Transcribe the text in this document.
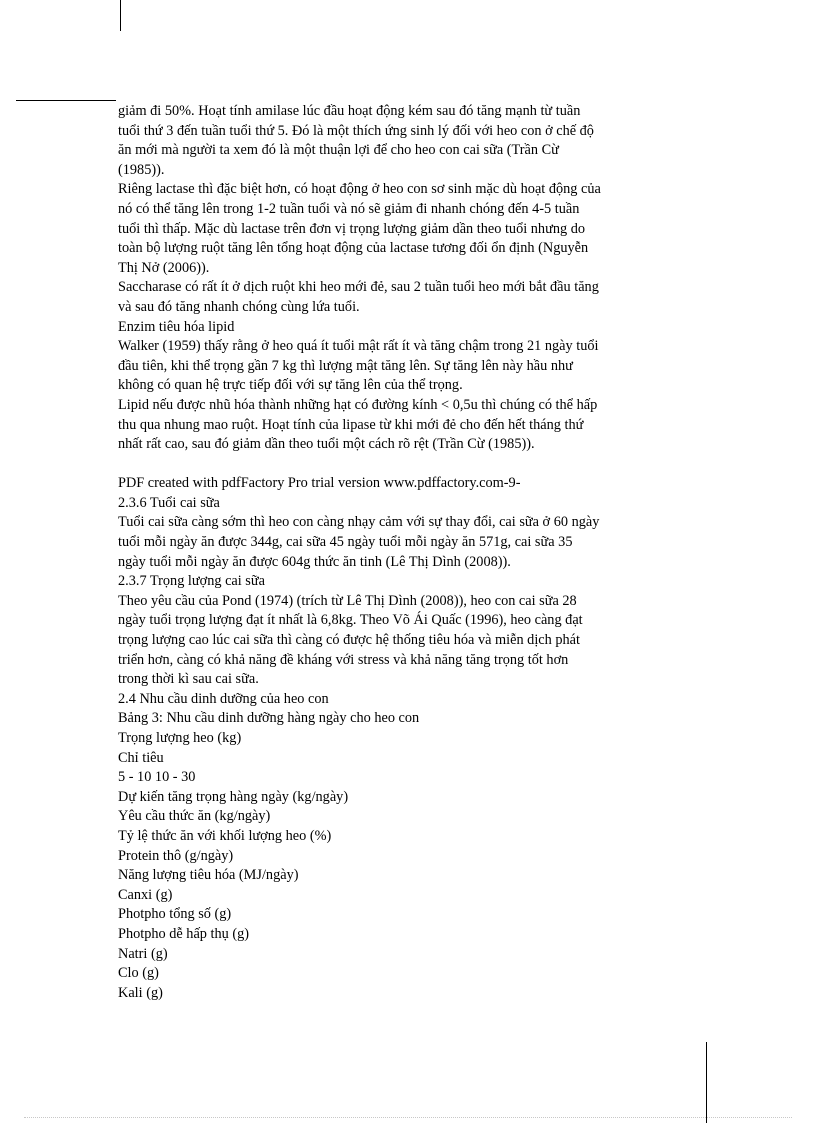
giảm đi 50%. Hoạt tính amilase lúc đầu hoạt động kém sau đó tăng mạnh từ tuần
tuổi thứ 3 đến tuần tuổi thứ 5. Đó là một thích ứng sinh lý đối với heo con ở chế độ
ăn mới mà người ta xem đó là một thuận lợi để cho heo con cai sữa (Trần Cừ
(1985)).
Riêng lactase thì đặc biệt hơn, có hoạt động ở heo con sơ sinh mặc dù hoạt động của
nó có thể tăng lên trong 1-2 tuần tuổi và nó sẽ giảm đi nhanh chóng đến 4-5 tuần
tuổi thì thấp. Mặc dù lactase trên đơn vị trọng lượng giảm dần theo tuổi nhưng do
toàn bộ lượng ruột tăng lên tổng hoạt động của lactase tương đối ổn định (Nguyễn
Thị Nở (2006)).
Saccharase có rất ít ở dịch ruột khi heo mới đẻ, sau 2 tuần tuổi heo mới bắt đầu tăng
và sau đó tăng nhanh chóng cùng lứa tuổi.
Enzim tiêu hóa lipid
Walker (1959) thấy rằng ở heo quá ít tuổi mật rất ít và tăng chậm trong 21 ngày tuổi
đầu tiên, khi thể trọng gần 7 kg thì lượng mật tăng lên. Sự tăng lên này hầu như
không có quan hệ trực tiếp đối với sự tăng lên của thể trọng.
Lipid nếu được nhũ hóa thành những hạt có đường kính < 0,5u thì chúng có thể hấp
thu qua nhung mao ruột. Hoạt tính của lipase từ khi mới đẻ cho đến hết tháng thứ
nhất rất cao, sau đó giảm dần theo tuổi một cách rõ rệt (Trần Cừ (1985)).
PDF created with pdfFactory Pro trial version www.pdffactory.com-9-
2.3.6 Tuổi cai sữa
Tuổi cai sữa càng sớm thì heo con càng nhạy cảm với sự thay đổi, cai sữa ở 60 ngày
tuổi mỗi ngày ăn được 344g, cai sữa 45 ngày tuổi mỗi ngày ăn 571g, cai sữa 35
ngày tuổi mỗi ngày ăn được 604g thức ăn tinh (Lê Thị Dình (2008)).
2.3.7 Trọng lượng cai sữa
Theo yêu cầu của Pond (1974) (trích từ Lê Thị Dình (2008)), heo con cai sữa 28
ngày tuổi trọng lượng đạt ít nhất là 6,8kg. Theo Võ Ái Quấc (1996), heo càng đạt
trọng lượng cao lúc cai sữa thì càng có được hệ thống tiêu hóa và miễn dịch phát
triển hơn, càng có khả năng đề kháng với stress và khả năng tăng trọng tốt hơn
trong thời kì sau cai sữa.
2.4 Nhu cầu dinh dưỡng của heo con
Bảng 3: Nhu cầu dinh dưỡng hàng ngày cho heo con
Trọng lượng heo (kg)
Chỉ tiêu
5 - 10 10 - 30
Dự kiến tăng trọng hàng ngày (kg/ngày)
Yêu cầu thức ăn (kg/ngày)
Tỷ lệ thức ăn với khối lượng heo (%)
Protein thô (g/ngày)
Năng lượng tiêu hóa (MJ/ngày)
Canxi (g)
Photpho tổng số (g)
Photpho dễ hấp thụ (g)
Natri (g)
Clo (g)
Kali (g)
